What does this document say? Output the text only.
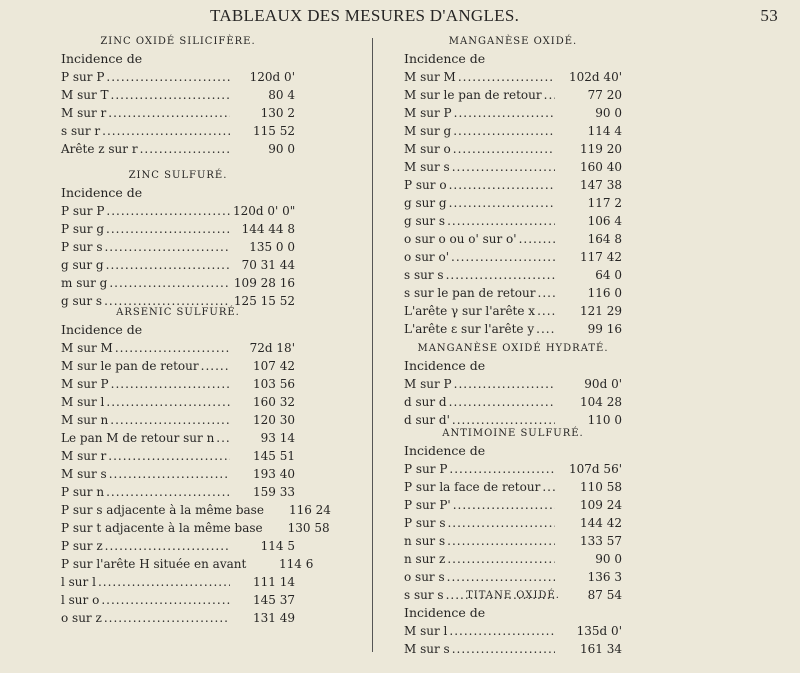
TABLEAUX DES MESURES D'ANGLES.	53
ZINC OXIDÉ SILICIFÈRE.
Incidence de
P sur P .....	120d 0'
M sur T .....	80 4
M sur r .....	130 2
s sur r .....	115 52
Arête z sur r .....	90 0
ZINC SULFURÉ.
Incidence de
P sur P .....	120d 0' 0"
P sur g .....	144 44 8
P sur s .....	135 0 0
g sur g .....	70 31 44
m sur g .....	109 28 16
g sur s .....	125 15 52
ARSENIC SULFURÉ.
Incidence de
M sur M .....	72d 18'
M sur le pan de retour .....	107 42
M sur P .....	103 56
M sur l .....	160 32
M sur n .....	120 30
Le pan M de retour sur n .....	93 14
M sur r .....	145 51
M sur s .....	193 40
P sur n .....	159 33
P sur s adjacente à la même base	116 24
P sur t adjacente à la même base	130 58
P sur z .....	114 5
P sur l'arête H située en avant	114 6
l sur l .....	111 14
l sur o .....	145 37
o sur z .....	131 49
MANGANÈSE OXIDÉ.
Incidence de
M sur M .....	102d 40'
M sur le pan de retour .....	77 20
M sur P .....	90 0
M sur g .....	114 4
M sur o .....	119 20
M sur s .....	160 40
P sur o .....	147 38
g sur g .....	117 2
g sur s .....	106 4
o sur o ou o' sur o' .....	164 8
o sur o' .....	117 42
s sur s .....	64 0
s sur le pan de retour .....	116 0
L'arête γ sur l'arête x .....	121 29
L'arête ε sur l'arête y .....	99 16
MANGANÈSE OXIDÉ HYDRATÉ.
Incidence de
M sur P .....	90d 0'
d sur d .....	104 28
d sur d' .....	110 0
ANTIMOINE SULFURÉ.
Incidence de
P sur P .....	107d 56'
P sur la face de retour .....	110 58
P sur P' .....	109 24
P sur s .....	144 42
n sur s .....	133 57
n sur z .....	90 0
o sur s .....	136 3
s sur s .....	87 54
TITANE OXIDÉ.
Incidence de
M sur l .....	135d 0'
M sur s .....	161 34
